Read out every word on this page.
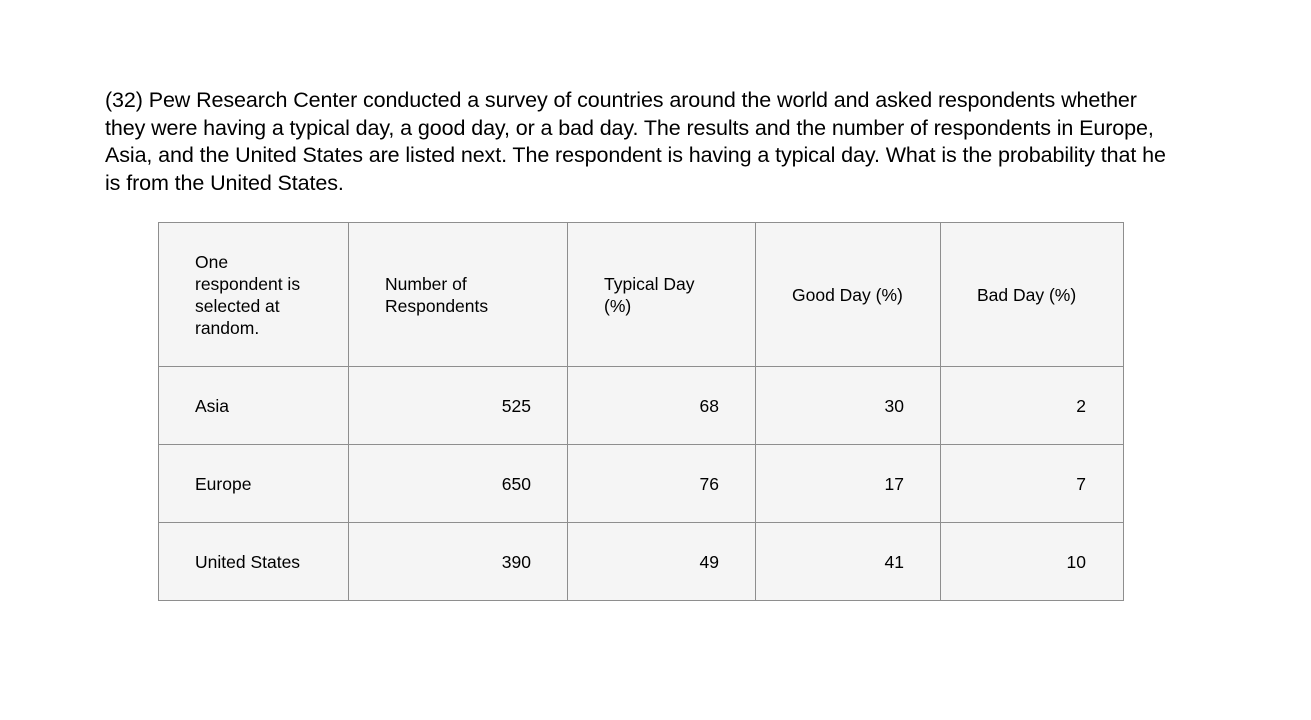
(32) Pew Research Center conducted a survey of countries around the world and asked respondents whether they were having a typical day, a good day, or a bad day. The results and the number of respondents in Europe, Asia, and the United States are listed next. The respondent is having a typical day. What is the probability that he is from the United States.
One respondent is selected at random.	Number of Respondents	Typical Day (%)	Good Day (%)	Bad Day (%)

Asia	525	68	30	2

Europe	650	76	17	7

United States	390	49	41	10
